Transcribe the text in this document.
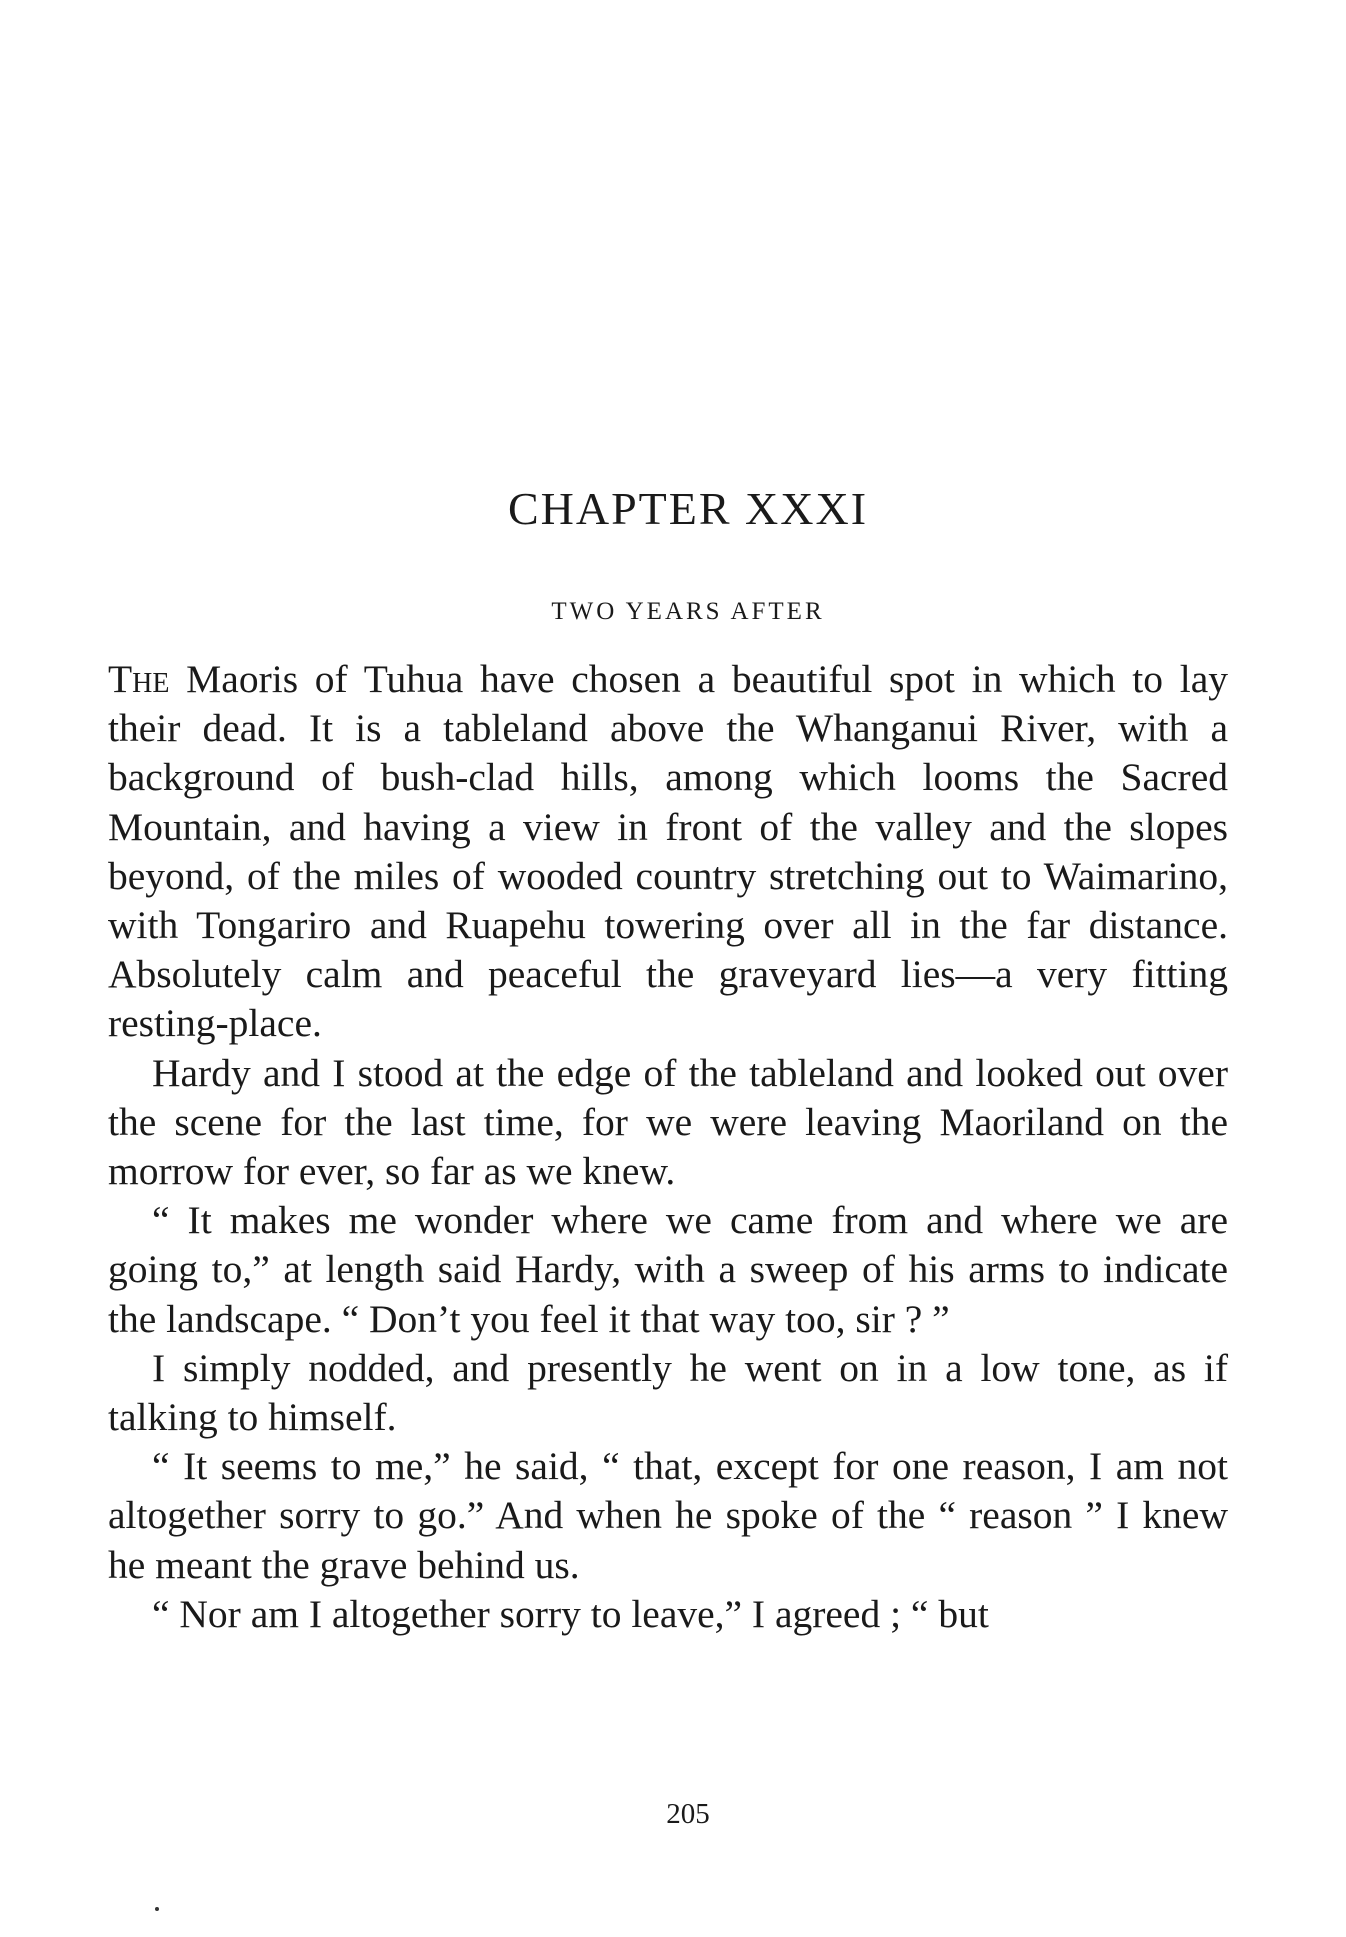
CHAPTER XXXI
TWO YEARS AFTER

The Maoris of Tuhua have chosen a beautiful spot in which to lay their dead. It is a tableland above the Whanganui River, with a background of bush-clad hills, among which looms the Sacred Mountain, and having a view in front of the valley and the slopes beyond, of the miles of wooded country stretching out to Waimarino, with Tongariro and Ruapehu towering over all in the far distance. Absolutely calm and peaceful the graveyard lies—a very fitting resting-place.

Hardy and I stood at the edge of the tableland and looked out over the scene for the last time, for we were leaving Maoriland on the morrow for ever, so far as we knew.

“ It makes me wonder where we came from and where we are going to,” at length said Hardy, with a sweep of his arms to indicate the landscape. “ Don’t you feel it that way too, sir ? ”

I simply nodded, and presently he went on in a low tone, as if talking to himself.

“ It seems to me,” he said, “ that, except for one reason, I am not altogether sorry to go.” And when he spoke of the “ reason ” I knew he meant the grave behind us.

“ Nor am I altogether sorry to leave,” I agreed ; “ but

205
